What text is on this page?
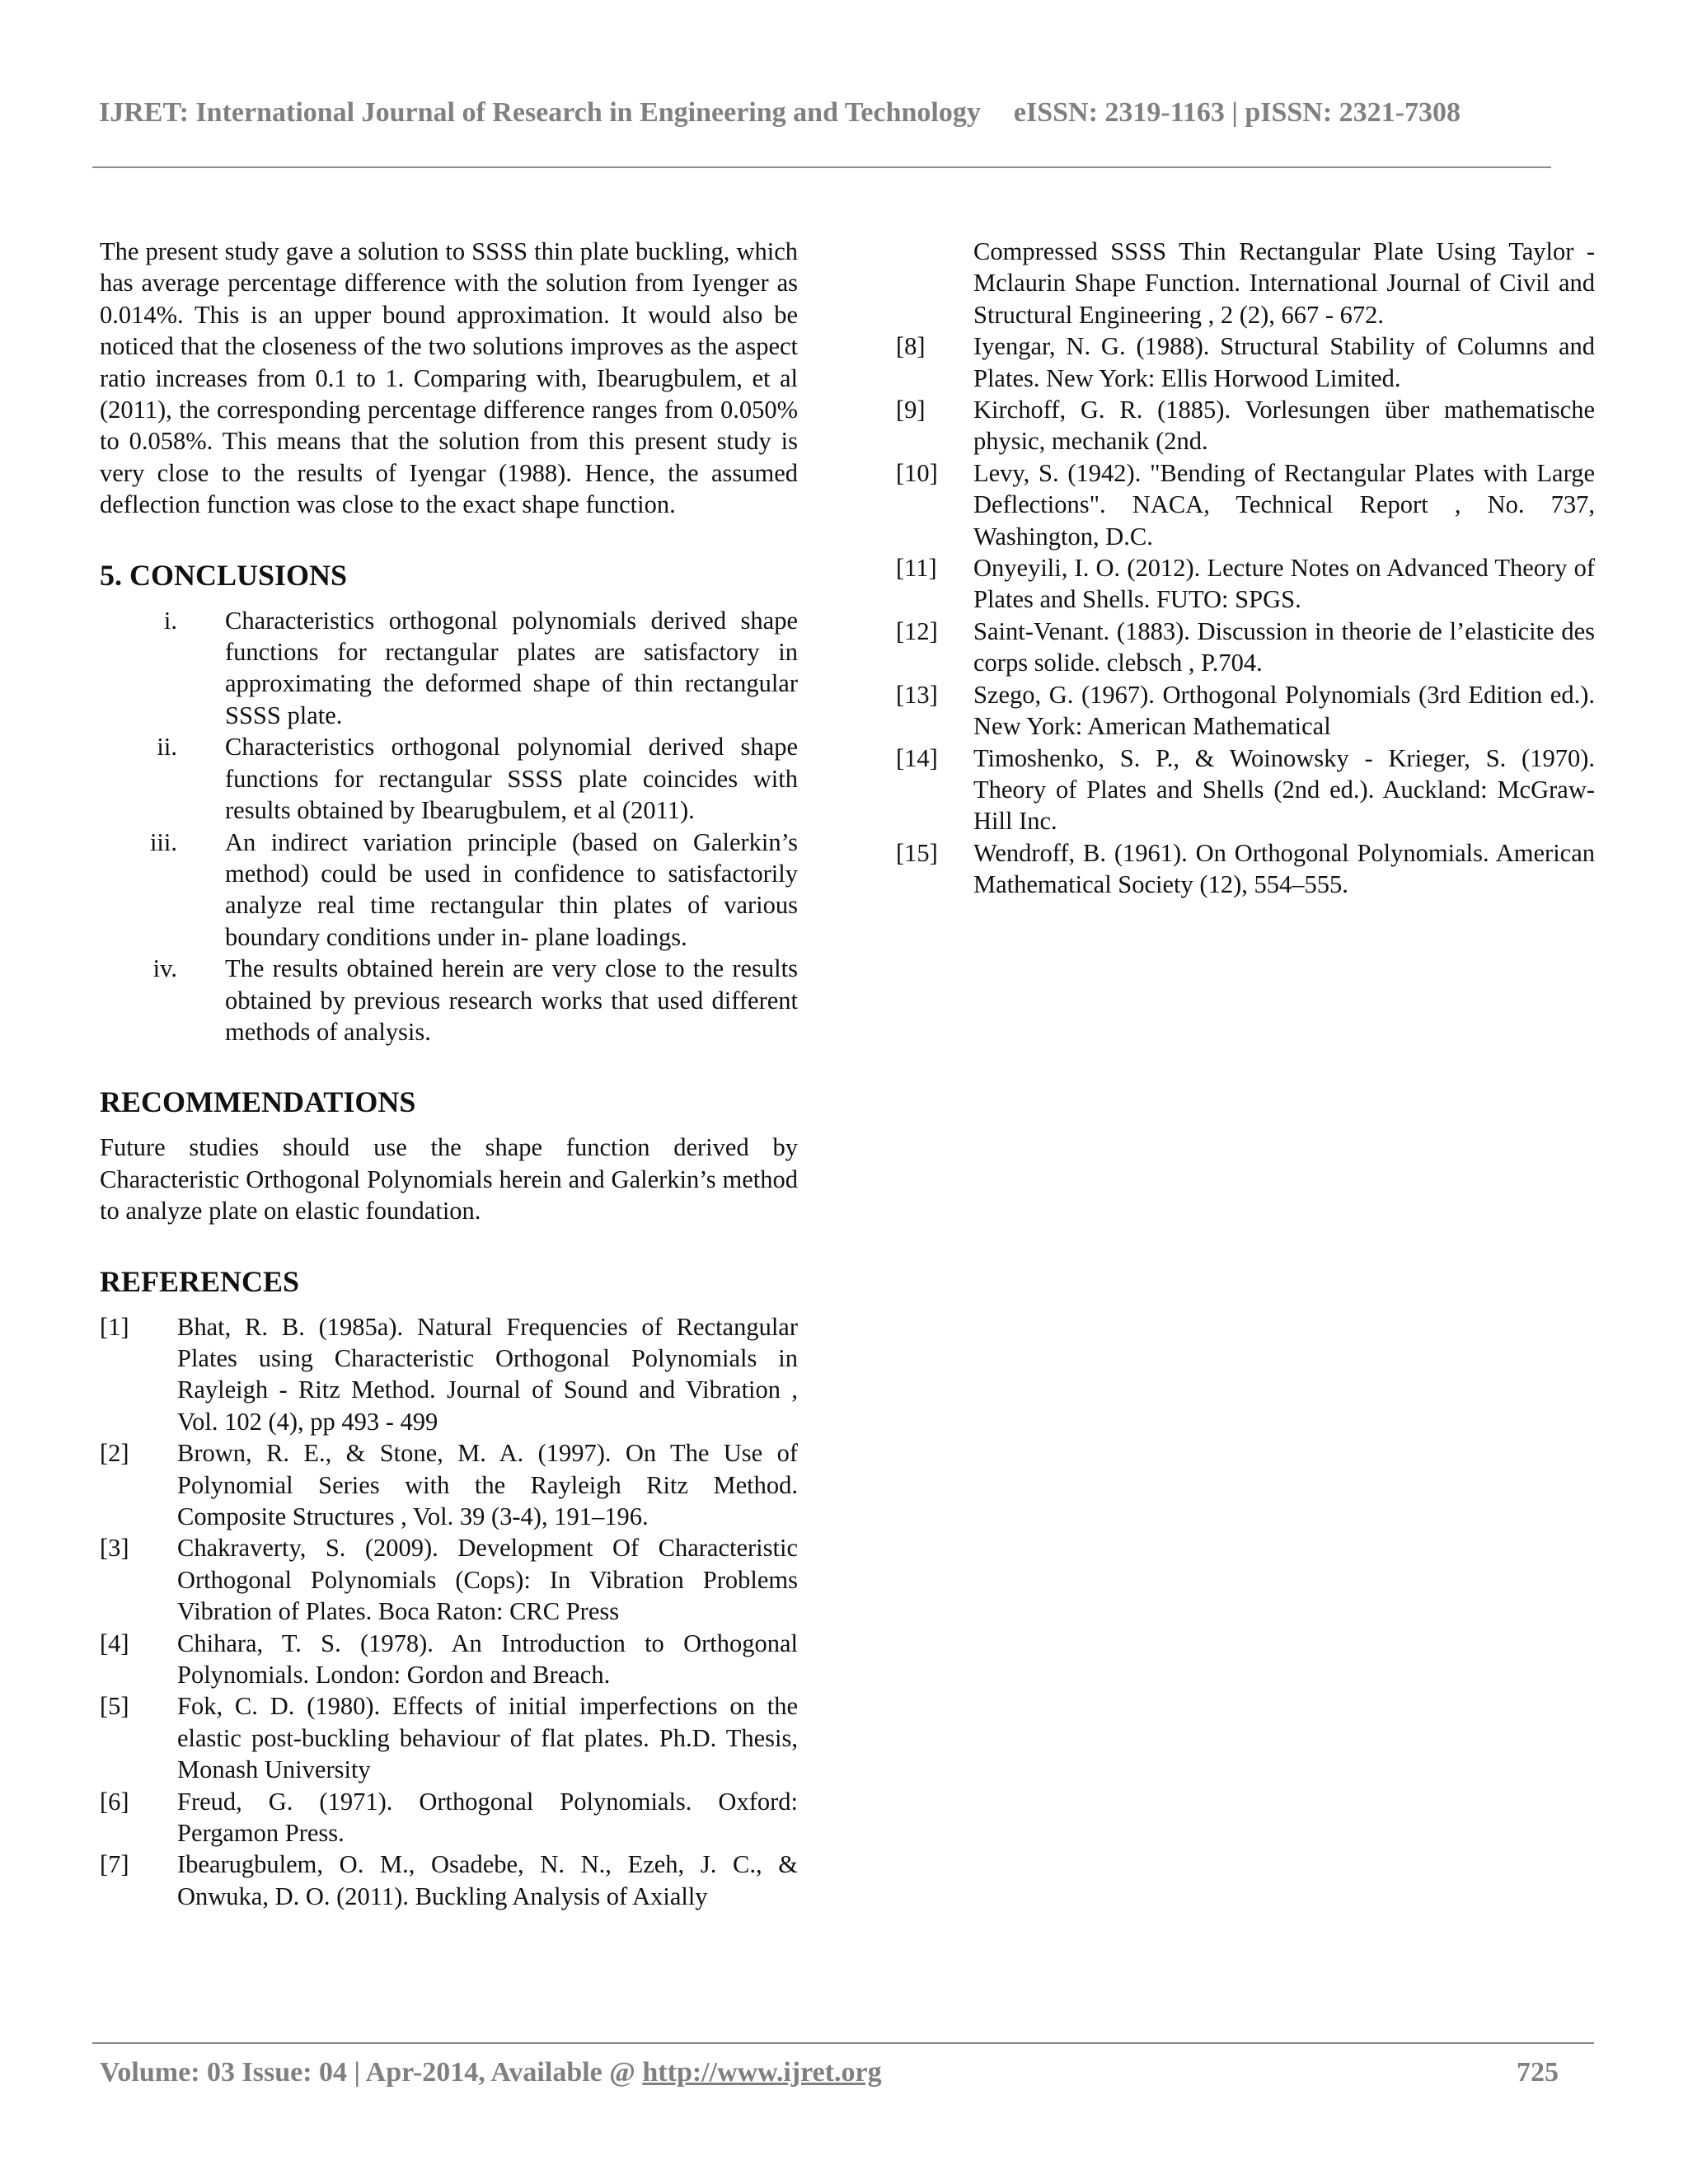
IJRET: International Journal of Research in Engineering and Technology eISSN: 2319-1163 | pISSN: 2321-7308

The present study gave a solution to SSSS thin plate buckling, which has average percentage difference with the solution from Iyenger as 0.014%. This is an upper bound approximation. It would also be noticed that the closeness of the two solutions improves as the aspect ratio increases from 0.1 to 1. Comparing with, Ibearugbulem, et al (2011), the corresponding percentage difference ranges from 0.050% to 0.058%. This means that the solution from this present study is very close to the results of Iyengar (1988). Hence, the assumed deflection function was close to the exact shape function.

5. CONCLUSIONS

i.	Characteristics orthogonal polynomials derived shape functions for rectangular plates are satisfactory in approximating the deformed shape of thin rectangular SSSS plate.
ii.	Characteristics orthogonal polynomial derived shape functions for rectangular SSSS plate coincides with results obtained by Ibearugbulem, et al (2011).
iii.	An indirect variation principle (based on Galerkin’s method) could be used in confidence to satisfactorily analyze real time rectangular thin plates of various boundary conditions under in- plane loadings.
iv.	The results obtained herein are very close to the results obtained by previous research works that used different methods of analysis.

RECOMMENDATIONS

Future studies should use the shape function derived by Characteristic Orthogonal Polynomials herein and Galerkin’s method to analyze plate on elastic foundation.

REFERENCES

[1]	Bhat, R. B. (1985a). Natural Frequencies of Rectangular Plates using Characteristic Orthogonal Polynomials in Rayleigh - Ritz Method. Journal of Sound and Vibration , Vol. 102 (4), pp 493 - 499
[2]	Brown, R. E., & Stone, M. A. (1997). On The Use of Polynomial Series with the Rayleigh Ritz Method. Composite Structures , Vol. 39 (3-4), 191–196.
[3]	Chakraverty, S. (2009). Development Of Characteristic Orthogonal Polynomials (Cops): In Vibration Problems Vibration of Plates. Boca Raton: CRC Press
[4]	Chihara, T. S. (1978). An Introduction to Orthogonal Polynomials. London: Gordon and Breach.
[5]	Fok, C. D. (1980). Effects of initial imperfections on the elastic post-buckling behaviour of flat plates. Ph.D. Thesis, Monash University
[6]	Freud, G. (1971). Orthogonal Polynomials. Oxford: Pergamon Press.
[7]	Ibearugbulem, O. M., Osadebe, N. N., Ezeh, J. C., & Onwuka, D. O. (2011). Buckling Analysis of Axially

Compressed SSSS Thin Rectangular Plate Using Taylor - Mclaurin Shape Function. International Journal of Civil and Structural Engineering , 2 (2), 667 - 672.

[8]	Iyengar, N. G. (1988). Structural Stability of Columns and Plates. New York: Ellis Horwood Limited.
[9]	Kirchoff, G. R. (1885). Vorlesungen über mathematische physic, mechanik (2nd.
[10]	Levy, S. (1942). "Bending of Rectangular Plates with Large Deflections". NACA, Technical Report , No. 737, Washington, D.C.
[11]	Onyeyili, I. O. (2012). Lecture Notes on Advanced Theory of Plates and Shells. FUTO: SPGS.
[12]	Saint-Venant. (1883). Discussion in theorie de l’elasticite des corps solide. clebsch , P.704.
[13]	Szego, G. (1967). Orthogonal Polynomials (3rd Edition ed.). New York: American Mathematical
[14]	Timoshenko, S. P., & Woinowsky - Krieger, S. (1970). Theory of Plates and Shells (2nd ed.). Auckland: McGraw-Hill Inc.
[15]	Wendroff, B. (1961). On Orthogonal Polynomials. American Mathematical Society (12), 554–555.
Volume: 03 Issue: 04 | Apr-2014, Available @ http://www.ijret.org	725
